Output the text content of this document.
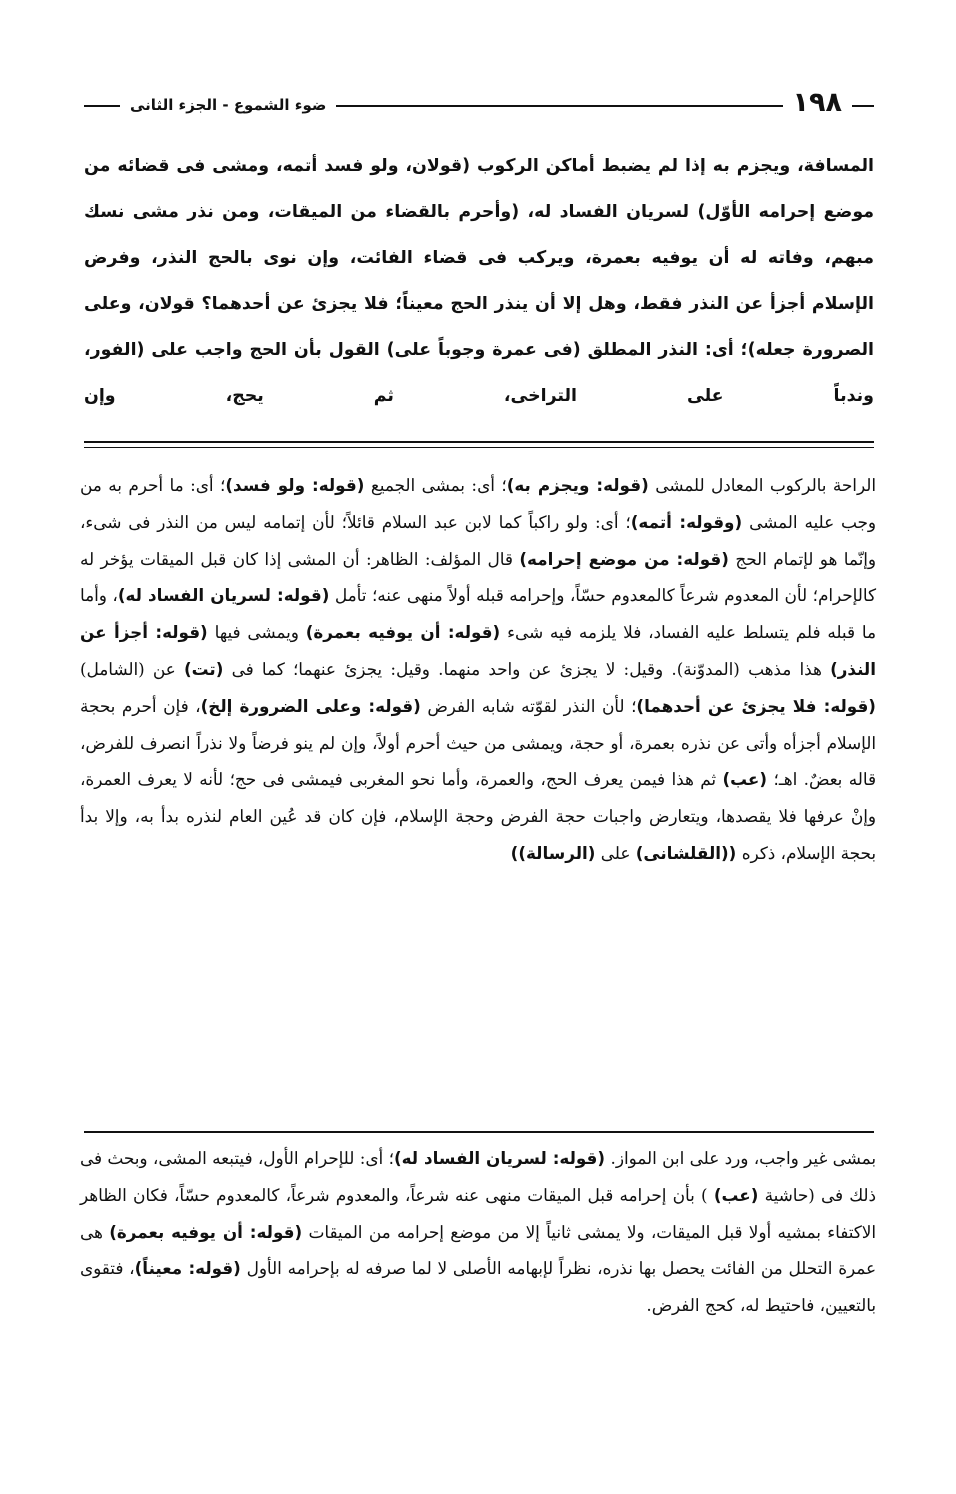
١٩٨
ضوء الشموع - الجزء الثانى

المسافة، ويجزم به إذا لم يضبط أماكن الركوب (قولان، ولو فسد أتمه، ومشى فى قضائه من موضع إحرامه الأوّل) لسريان الفساد له، (وأحرم بالقضاء من الميقات، ومن نذر مشى نسك مبهم، وفاته له أن يوفيه بعمرة، ويركب فى قضاء الفائت، وإن نوى بالحج النذر، وفرض الإسلام أجزأ عن النذر فقط، وهل إلا أن ينذر الحج معيناً؛ فلا يجزئ عن أحدهما؟ قولان، وعلى الصرورة جعله)؛ أى: النذر المطلق (فى عمرة وجوباً على) القول بأن الحج واجب على (الفور، وندباً على التراخى، ثم يحج، وإن

الراحة بالركوب المعادل للمشى (قوله: ويجزم به)؛ أى: بمشى الجميع (قوله: ولو فسد)؛ أى: ما أحرم به من وجب عليه المشى (وقوله: أتمه)؛ أى: ولو راكباً كما لابن عبد السلام قائلاً؛ لأن إتمامه ليس من النذر فى شىء، وإنّما هو لإتمام الحج (قوله: من موضع إحرامه) قال المؤلف: الظاهر: أن المشى إذا كان قبل الميقات يؤخر له كالإحرام؛ لأن المعدوم شرعاً كالمعدوم حسّاً، وإحرامه قبله أولاً منهى عنه؛ تأمل (قوله: لسريان الفساد له)، وأما ما قبله فلم يتسلط عليه الفساد، فلا يلزمه فيه شىء (قوله: أن يوفيه بعمرة) ويمشى فيها (قوله: أجزأ عن النذر) هذا مذهب (المدوّنة). وقيل: لا يجزئ عن واحد منهما. وقيل: يجزئ عنهما؛ كما فى (تت) عن (الشامل) (قوله: فلا يجزئ عن أحدهما)؛ لأن النذر لقوّته شابه الفرض (قوله: وعلى الضرورة إلخ)، فإن أحرم بحجة الإسلام أجزأه وأتى عن نذره بعمرة، أو حجة، ويمشى من حيث أحرم أولاً، وإن لم ينو فرضاً ولا نذراً انصرف للفرض، قاله بعضٌ. اهـ؛ (عب) ثم هذا فيمن يعرف الحج، والعمرة، وأما نحو المغربى فيمشى فى حج؛ لأنه لا يعرف العمرة، وإنْ عرفها فلا يقصدها، ويتعارض واجبات حجة الفرض وحجة الإسلام، فإن كان قد عُين العام لنذره بدأ به، وإلا بدأ بحجة الإسلام، ذكره ((القلشانى) على (الرسالة))

بمشى غير واجب، ورد على ابن المواز. (قوله: لسريان الفساد له)؛ أى: للإحرام الأول، فيتبعه المشى، وبحث فى ذلك فى (حاشية (عب) ) بأن إحرامه قبل الميقات منهى عنه شرعاً، والمعدوم شرعاً، كالمعدوم حسّاً، فكان الظاهر الاكتفاء بمشيه أولا قبل الميقات، ولا يمشى ثانياً إلا من موضع إحرامه من الميقات (قوله: أن يوفيه بعمرة) هى عمرة التحلل من الفائت يحصل بها نذره، نظراً لإبهامه الأصلى لا لما صرفه له بإحرامه الأول (قوله: معيناً)، فتقوى بالتعيين، فاحتيط له، كحج الفرض.
